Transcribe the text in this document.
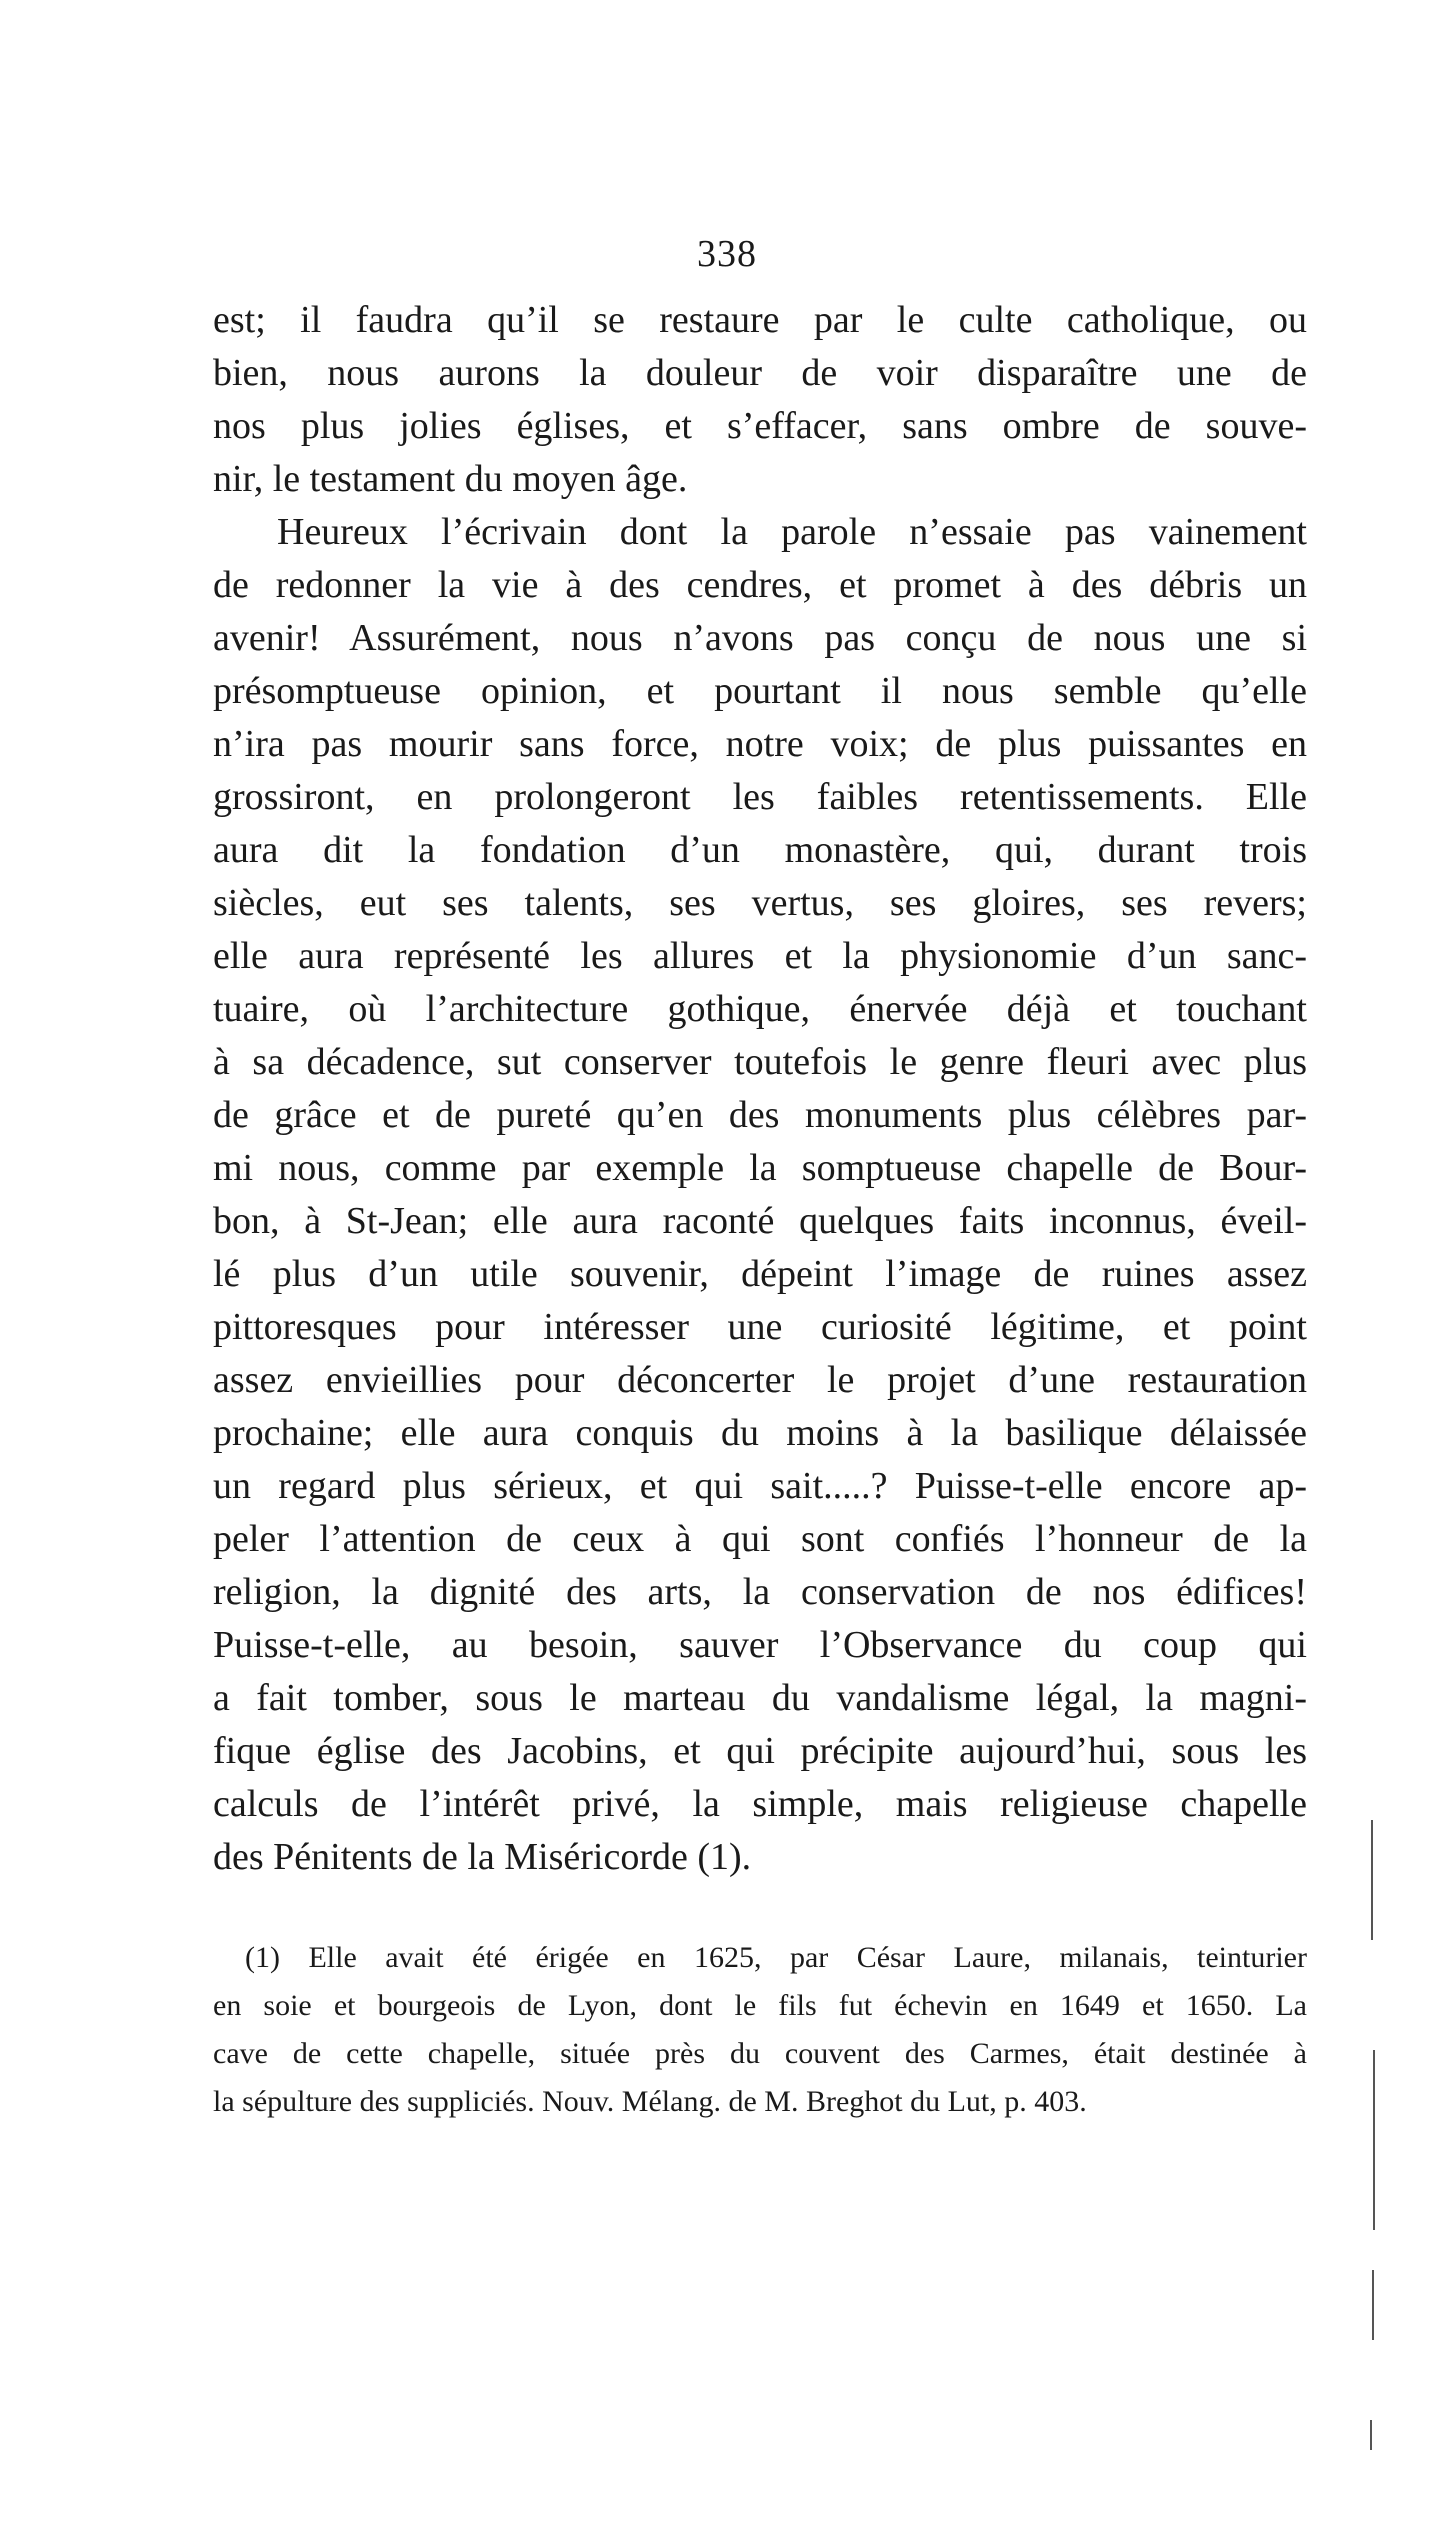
338
est; il faudra qu’il se restaure par le culte catholique, ou
bien, nous aurons la douleur de voir disparaître une de
nos plus jolies églises, et s’effacer, sans ombre de souve-
nir, le testament du moyen âge.
Heureux l’écrivain dont la parole n’essaie pas vainement
de redonner la vie à des cendres, et promet à des débris un
avenir! Assurément, nous n’avons pas conçu de nous une si
présomptueuse opinion, et pourtant il nous semble qu’elle
n’ira pas mourir sans force, notre voix; de plus puissantes en
grossiront, en prolongeront les faibles retentissements. Elle
aura dit la fondation d’un monastère, qui, durant trois
siècles, eut ses talents, ses vertus, ses gloires, ses revers;
elle aura représenté les allures et la physionomie d’un sanc-
tuaire, où l’architecture gothique, énervée déjà et touchant
à sa décadence, sut conserver toutefois le genre fleuri avec plus
de grâce et de pureté qu’en des monuments plus célèbres par-
mi nous, comme par exemple la somptueuse chapelle de Bour-
bon, à St-Jean; elle aura raconté quelques faits inconnus, éveil-
lé plus d’un utile souvenir, dépeint l’image de ruines assez
pittoresques pour intéresser une curiosité légitime, et point
assez envieillies pour déconcerter le projet d’une restauration
prochaine; elle aura conquis du moins à la basilique délaissée
un regard plus sérieux, et qui sait.....? Puisse-t-elle encore ap-
peler l’attention de ceux à qui sont confiés l’honneur de la
religion, la dignité des arts, la conservation de nos édifices!
Puisse-t-elle, au besoin, sauver l’Observance du coup qui
a fait tomber, sous le marteau du vandalisme légal, la magni-
fique église des Jacobins, et qui précipite aujourd’hui, sous les
calculs de l’intérêt privé, la simple, mais religieuse chapelle
des Pénitents de la Miséricorde (1).
(1) Elle avait été érigée en 1625, par César Laure, milanais, teinturier
en soie et bourgeois de Lyon, dont le fils fut échevin en 1649 et 1650. La
cave de cette chapelle, située près du couvent des Carmes, était destinée à
la sépulture des suppliciés. Nouv. Mélang. de M. Breghot du Lut, p. 403.
